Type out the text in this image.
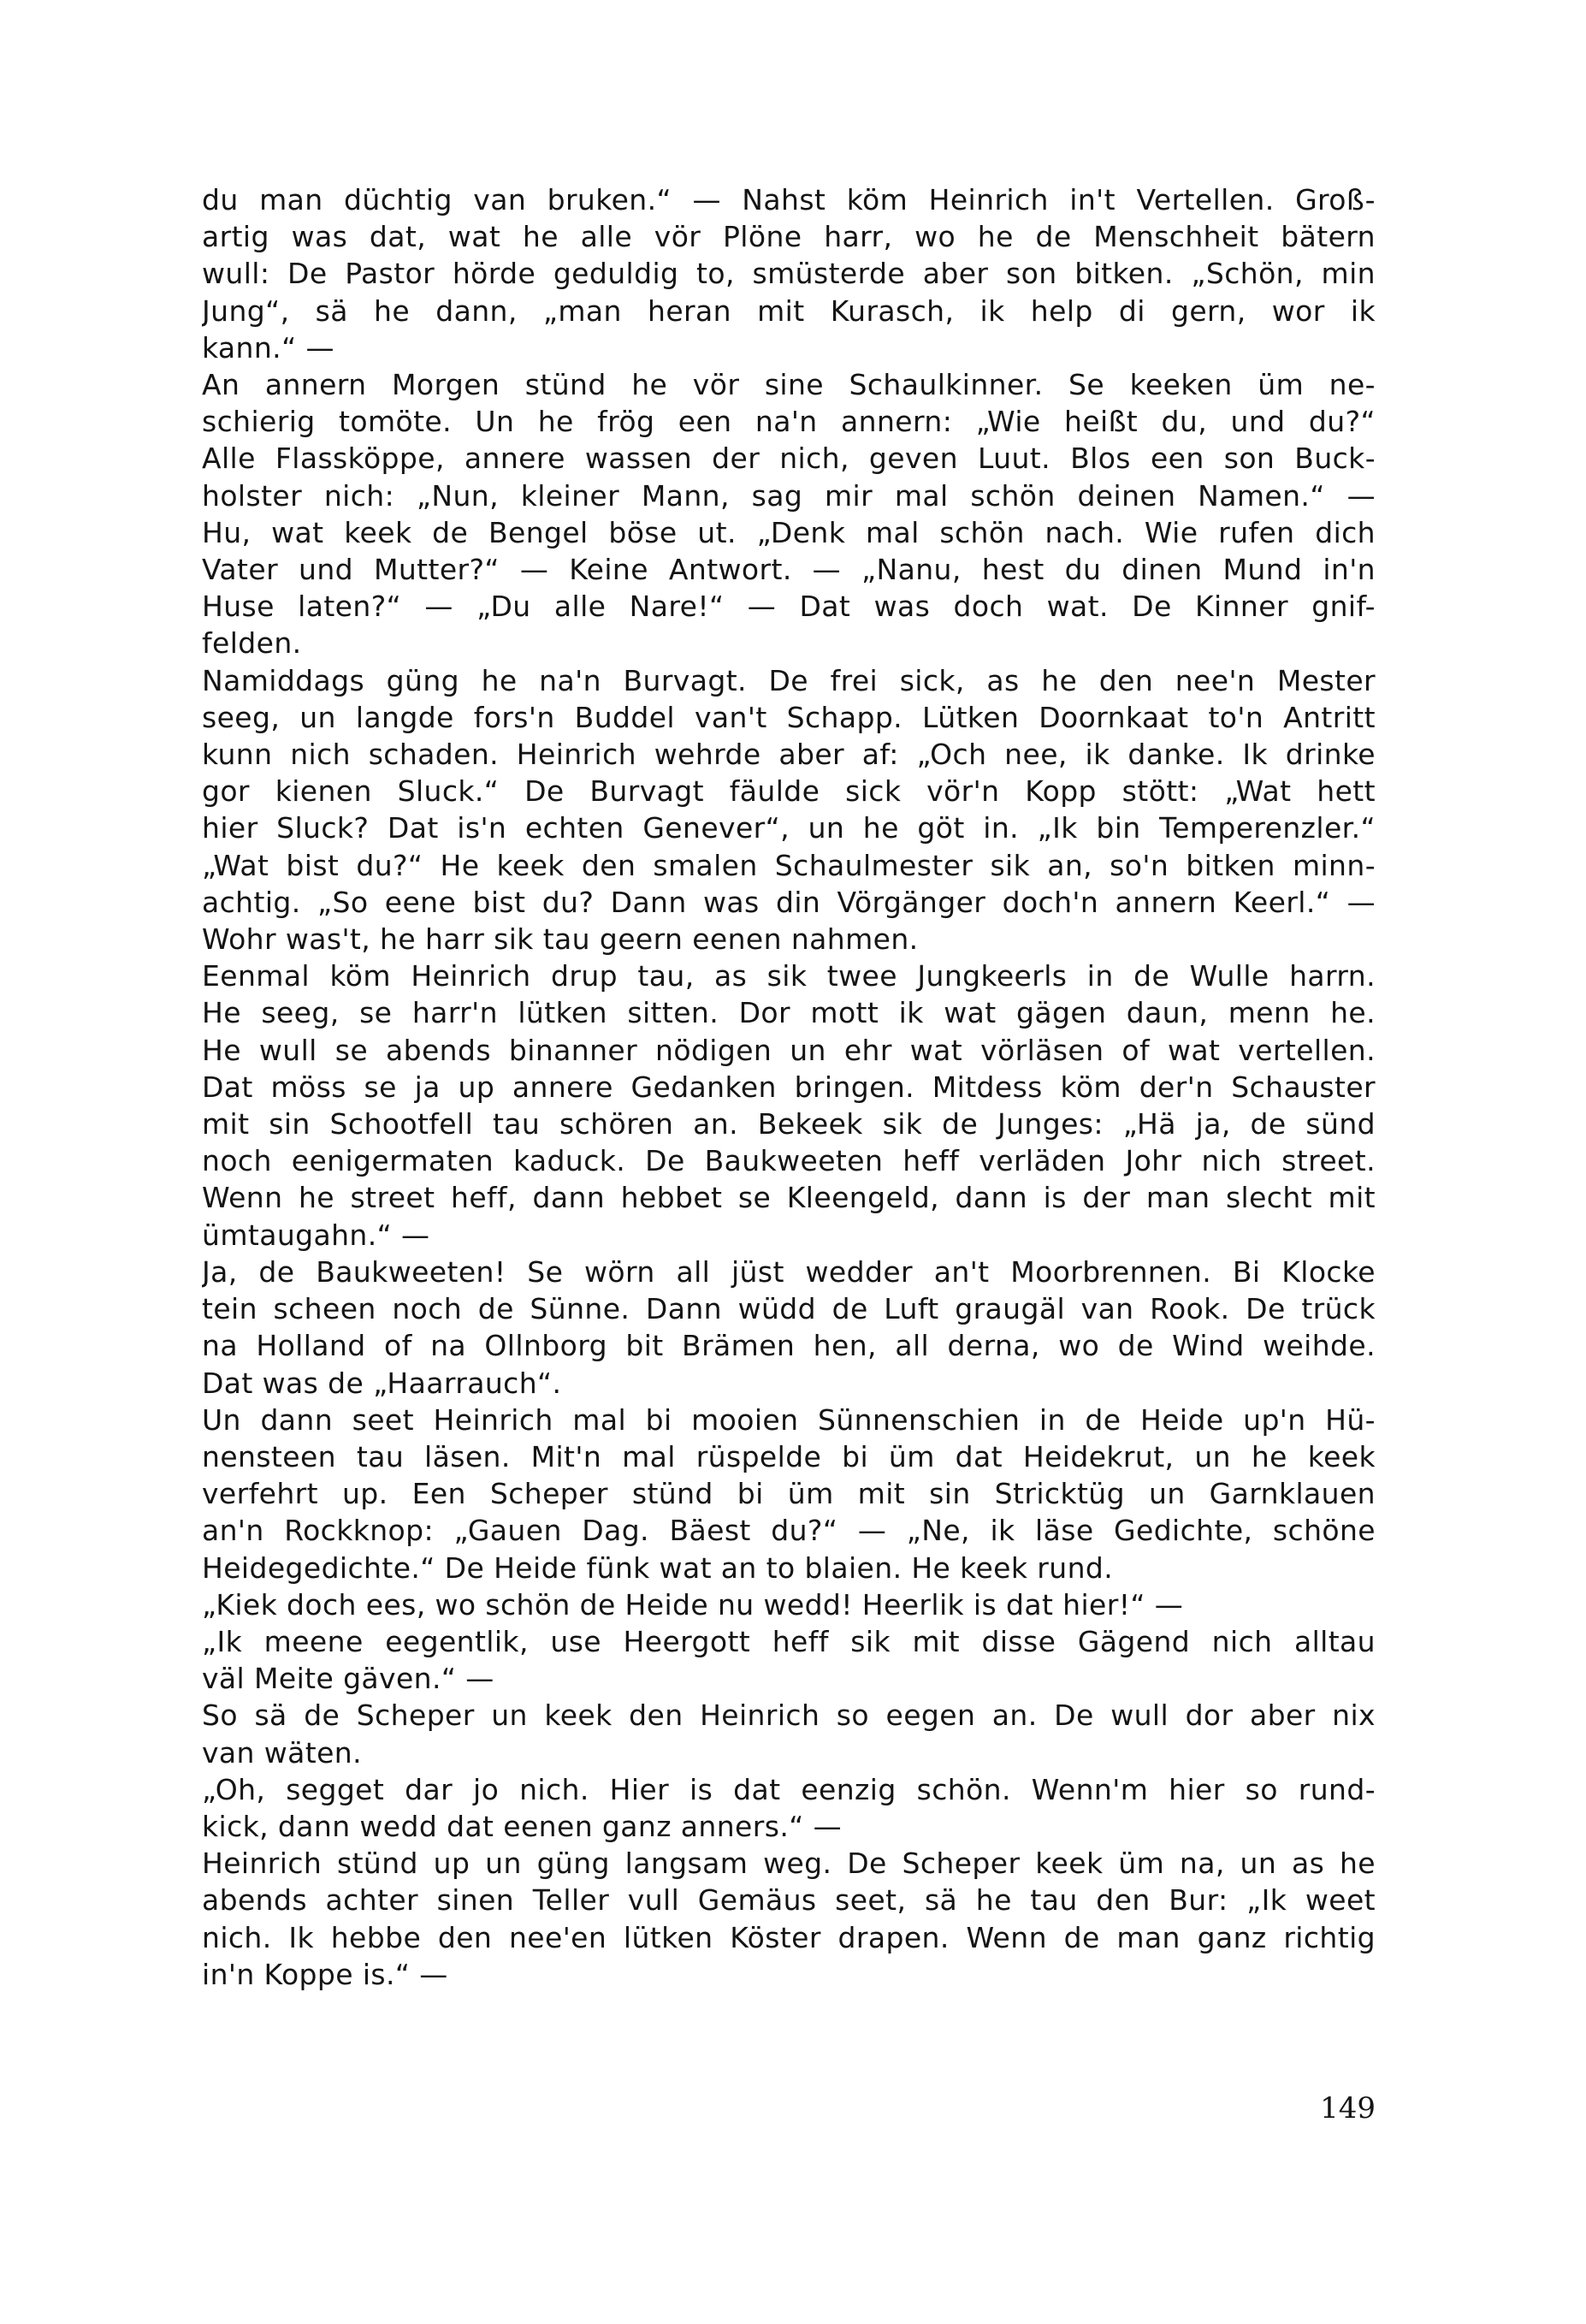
du man düchtig van bruken.“ — Nahst köm Heinrich in't Vertellen. Groß-
artig was dat, wat he alle vör Plöne harr, wo he de Menschheit bätern
wull: De Pastor hörde geduldig to, smüsterde aber son bitken. „Schön, min
Jung“, sä he dann, „man heran mit Kurasch, ik help di gern, wor ik
kann.“ —
An annern Morgen stünd he vör sine Schaulkinner. Se keeken üm ne-
schierig tomöte. Un he frög een na'n annern: „Wie heißt du, und du?“
Alle Flassköppe, annere wassen der nich, geven Luut. Blos een son Buck-
holster nich: „Nun, kleiner Mann, sag mir mal schön deinen Namen.“ —
Hu, wat keek de Bengel böse ut. „Denk mal schön nach. Wie rufen dich
Vater und Mutter?“ — Keine Antwort. — „Nanu, hest du dinen Mund in'n
Huse laten?“ — „Du alle Nare!“ — Dat was doch wat. De Kinner gnif-
felden.
Namiddags güng he na'n Burvagt. De frei sick, as he den nee'n Mester
seeg, un langde fors'n Buddel van't Schapp. Lütken Doornkaat to'n Antritt
kunn nich schaden. Heinrich wehrde aber af: „Och nee, ik danke. Ik drinke
gor kienen Sluck.“ De Burvagt fäulde sick vör'n Kopp stött: „Wat hett
hier Sluck? Dat is'n echten Genever“, un he göt in. „Ik bin Temperenzler.“
„Wat bist du?“ He keek den smalen Schaulmester sik an, so'n bitken minn-
achtig. „So eene bist du? Dann was din Vörgänger doch'n annern Keerl.“ —
Wohr was't, he harr sik tau geern eenen nahmen.
Eenmal köm Heinrich drup tau, as sik twee Jungkeerls in de Wulle harrn.
He seeg, se harr'n lütken sitten. Dor mott ik wat gägen daun, menn he.
He wull se abends binanner nödigen un ehr wat vörläsen of wat vertellen.
Dat möss se ja up annere Gedanken bringen. Mitdess köm der'n Schauster
mit sin Schootfell tau schören an. Bekeek sik de Junges: „Hä ja, de sünd
noch eenigermaten kaduck. De Baukweeten heff verläden Johr nich street.
Wenn he street heff, dann hebbet se Kleengeld, dann is der man slecht mit
ümtaugahn.“ —
Ja, de Baukweeten! Se wörn all jüst wedder an't Moorbrennen. Bi Klocke
tein scheen noch de Sünne. Dann wüdd de Luft graugäl van Rook. De trück
na Holland of na Ollnborg bit Brämen hen, all derna, wo de Wind weihde.
Dat was de „Haarrauch“.
Un dann seet Heinrich mal bi mooien Sünnenschien in de Heide up'n Hü-
nensteen tau läsen. Mit'n mal rüspelde bi üm dat Heidekrut, un he keek
verfehrt up. Een Scheper stünd bi üm mit sin Stricktüg un Garnklauen
an'n Rockknop: „Gauen Dag. Bäest du?“ — „Ne, ik läse Gedichte, schöne
Heidegedichte.“ De Heide fünk wat an to blaien. He keek rund.
„Kiek doch ees, wo schön de Heide nu wedd! Heerlik is dat hier!“ —
„Ik meene eegentlik, use Heergott heff sik mit disse Gägend nich alltau
väl Meite gäven.“ —
So sä de Scheper un keek den Heinrich so eegen an. De wull dor aber nix
van wäten.
„Oh, segget dar jo nich. Hier is dat eenzig schön. Wenn'm hier so rund-
kick, dann wedd dat eenen ganz anners.“ —
Heinrich stünd up un güng langsam weg. De Scheper keek üm na, un as he
abends achter sinen Teller vull Gemäus seet, sä he tau den Bur: „Ik weet
nich. Ik hebbe den nee'en lütken Köster drapen. Wenn de man ganz richtig
in'n Koppe is.“ —
149
